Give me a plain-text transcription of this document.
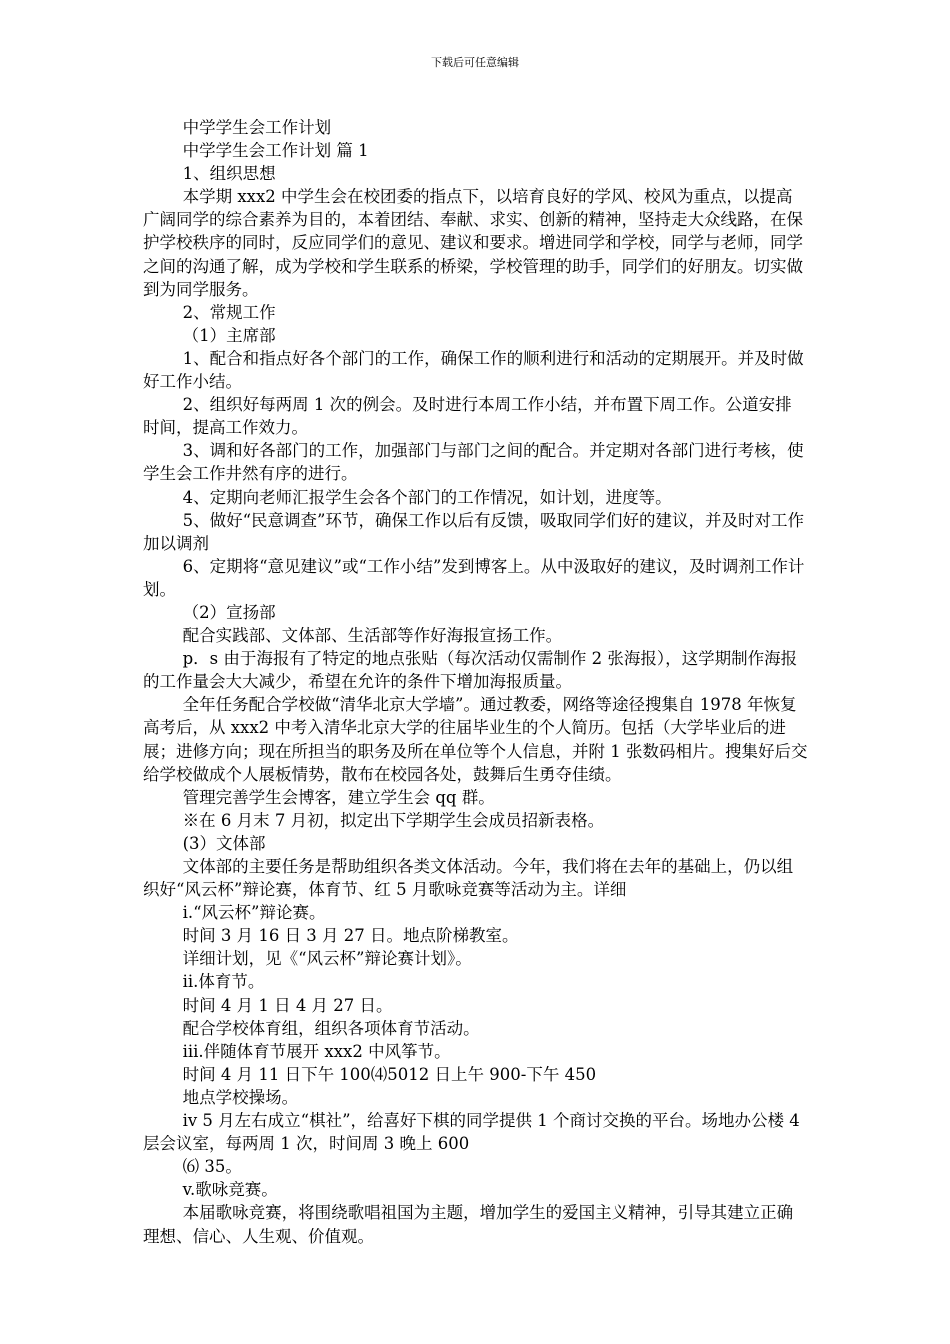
下载后可任意编辑

中学学生会工作计划

中学学生会工作计划 篇 1

1、组织思想

本学期 xxx2 中学生会在校团委的指点下，以培育良好的学风、校风为重点，以提高广阔同学的综合素养为目的，本着团结、奉献、求实、创新的精神，坚持走大众线路，在保护学校秩序的同时，反应同学们的意见、建议和要求。增进同学和学校，同学与老师，同学之间的沟通了解，成为学校和学生联系的桥梁，学校管理的助手，同学们的好朋友。切实做到为同学服务。

2、常规工作

（1）主席部

1、配合和指点好各个部门的工作，确保工作的顺利进行和活动的定期展开。并及时做好工作小结。

2、组织好每两周 1 次的例会。及时进行本周工作小结，并布置下周工作。公道安排时间，提高工作效力。

3、调和好各部门的工作，加强部门与部门之间的配合。并定期对各部门进行考核，使学生会工作井然有序的进行。

4、定期向老师汇报学生会各个部门的工作情况，如计划，进度等。

5、做好“民意调查”环节，确保工作以后有反馈，吸取同学们好的建议，并及时对工作加以调剂

6、定期将“意见建议”或“工作小结”发到博客上。从中汲取好的建议，及时调剂工作计划。

（2）宣扬部

配合实践部、文体部、生活部等作好海报宣扬工作。

p．s 由于海报有了特定的地点张贴（每次活动仅需制作 2 张海报），这学期制作海报的工作量会大大减少，希望在允许的条件下增加海报质量。

全年任务配合学校做“清华北京大学墙”。通过教委，网络等途径搜集自 1978 年恢复高考后，从 xxx2 中考入清华北京大学的往届毕业生的个人简历。包括（大学毕业后的进展；进修方向；现在所担当的职务及所在单位等个人信息，并附 1 张数码相片。搜集好后交给学校做成个人展板情势，散布在校园各处，鼓舞后生勇夺佳绩。

管理完善学生会博客，建立学生会 qq 群。

※在 6 月末 7 月初，拟定出下学期学生会成员招新表格。

(3）文体部

文体部的主要任务是帮助组织各类文体活动。今年，我们将在去年的基础上，仍以组织好“风云杯”辩论赛，体育节、红 5 月歌咏竞赛等活动为主。详细

i.“风云杯”辩论赛。

时间 3 月 16 日 3 月 27 日。地点阶梯教室。

详细计划，见《“风云杯”辩论赛计划》。

ii.体育节。

时间 4 月 1 日 4 月 27 日。

配合学校体育组，组织各项体育节活动。

iii.伴随体育节展开 xxx2 中风筝节。

时间 4 月 11 日下午 100⑷5012 日上午 900-下午 450

地点学校操场。

iv 5 月左右成立“棋社”，给喜好下棋的同学提供 1 个商讨交换的平台。场地办公楼 4 层会议室，每两周 1 次，时间周 3 晚上 600

⑹ 35。

v.歌咏竞赛。

本届歌咏竞赛，将围绕歌唱祖国为主题，增加学生的爱国主义精神，引导其建立正确理想、信心、人生观、价值观。
